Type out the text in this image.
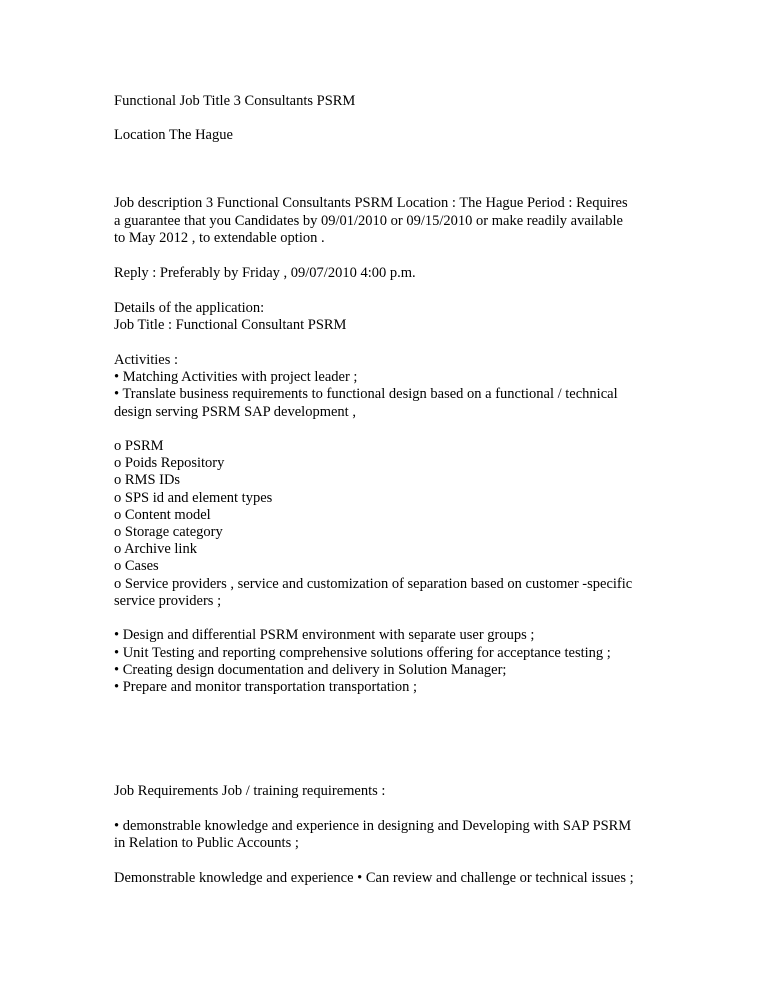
Functional Job Title 3 Consultants PSRM
Location The Hague
Job description 3 Functional Consultants PSRM Location : The Hague Period : Requires
a guarantee that you Candidates by 09/01/2010 or 09/15/2010 or make readily available
to May 2012 , to extendable option .
Reply : Preferably by Friday , 09/07/2010 4:00 p.m.
Details of the application:
Job Title : Functional Consultant PSRM
Activities :
• Matching Activities with project leader ;
• Translate business requirements to functional design based on a functional / technical
design serving PSRM SAP development ,
o PSRM
o Poids Repository
o RMS IDs
o SPS id and element types
o Content model
o Storage category
o Archive link
o Cases
o Service providers , service and customization of separation based on customer -specific
service providers ;
• Design and differential PSRM environment with separate user groups ;
• Unit Testing and reporting comprehensive solutions offering for acceptance testing ;
• Creating design documentation and delivery in Solution Manager;
• Prepare and monitor transportation transportation ;
Job Requirements Job / training requirements :
• demonstrable knowledge and experience in designing and Developing with SAP PSRM
in Relation to Public Accounts ;
Demonstrable knowledge and experience • Can review and challenge or technical issues ;
